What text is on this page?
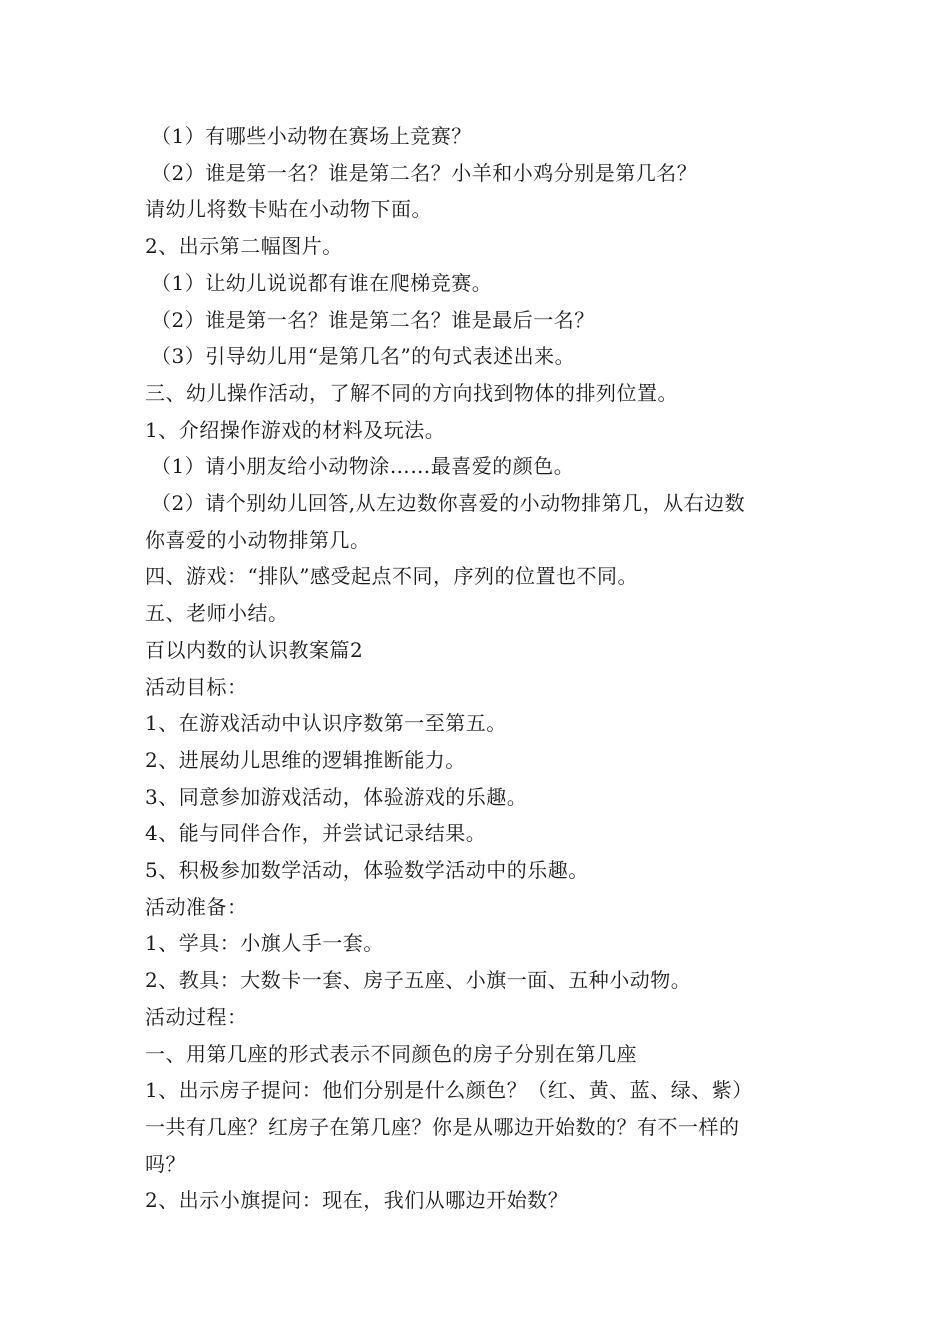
（1）有哪些小动物在赛场上竞赛？
（2）谁是第一名？谁是第二名？小羊和小鸡分别是第几名？
请幼儿将数卡贴在小动物下面。
2、出示第二幅图片。
（1）让幼儿说说都有谁在爬梯竞赛。
（2）谁是第一名？谁是第二名？谁是最后一名？
（3）引导幼儿用“是第几名”的句式表述出来。
三、幼儿操作活动，了解不同的方向找到物体的排列位置。
1、介绍操作游戏的材料及玩法。
（1）请小朋友给小动物涂……最喜爱的颜色。
（2）请个别幼儿回答,从左边数你喜爱的小动物排第几，从右边数
你喜爱的小动物排第几。
四、游戏：“排队”感受起点不同，序列的位置也不同。
五、老师小结。
百以内数的认识教案篇2
活动目标：
1、在游戏活动中认识序数第一至第五。
2、进展幼儿思维的逻辑推断能力。
3、同意参加游戏活动，体验游戏的乐趣。
4、能与同伴合作，并尝试记录结果。
5、积极参加数学活动，体验数学活动中的乐趣。
活动准备：
1、学具：小旗人手一套。
2、教具：大数卡一套、房子五座、小旗一面、五种小动物。
活动过程：
一、用第几座的形式表示不同颜色的房子分别在第几座
1、出示房子提问：他们分别是什么颜色？（红、黄、蓝、绿、紫）
一共有几座？红房子在第几座？你是从哪边开始数的？有不一样的
吗？
2、出示小旗提问：现在，我们从哪边开始数？
